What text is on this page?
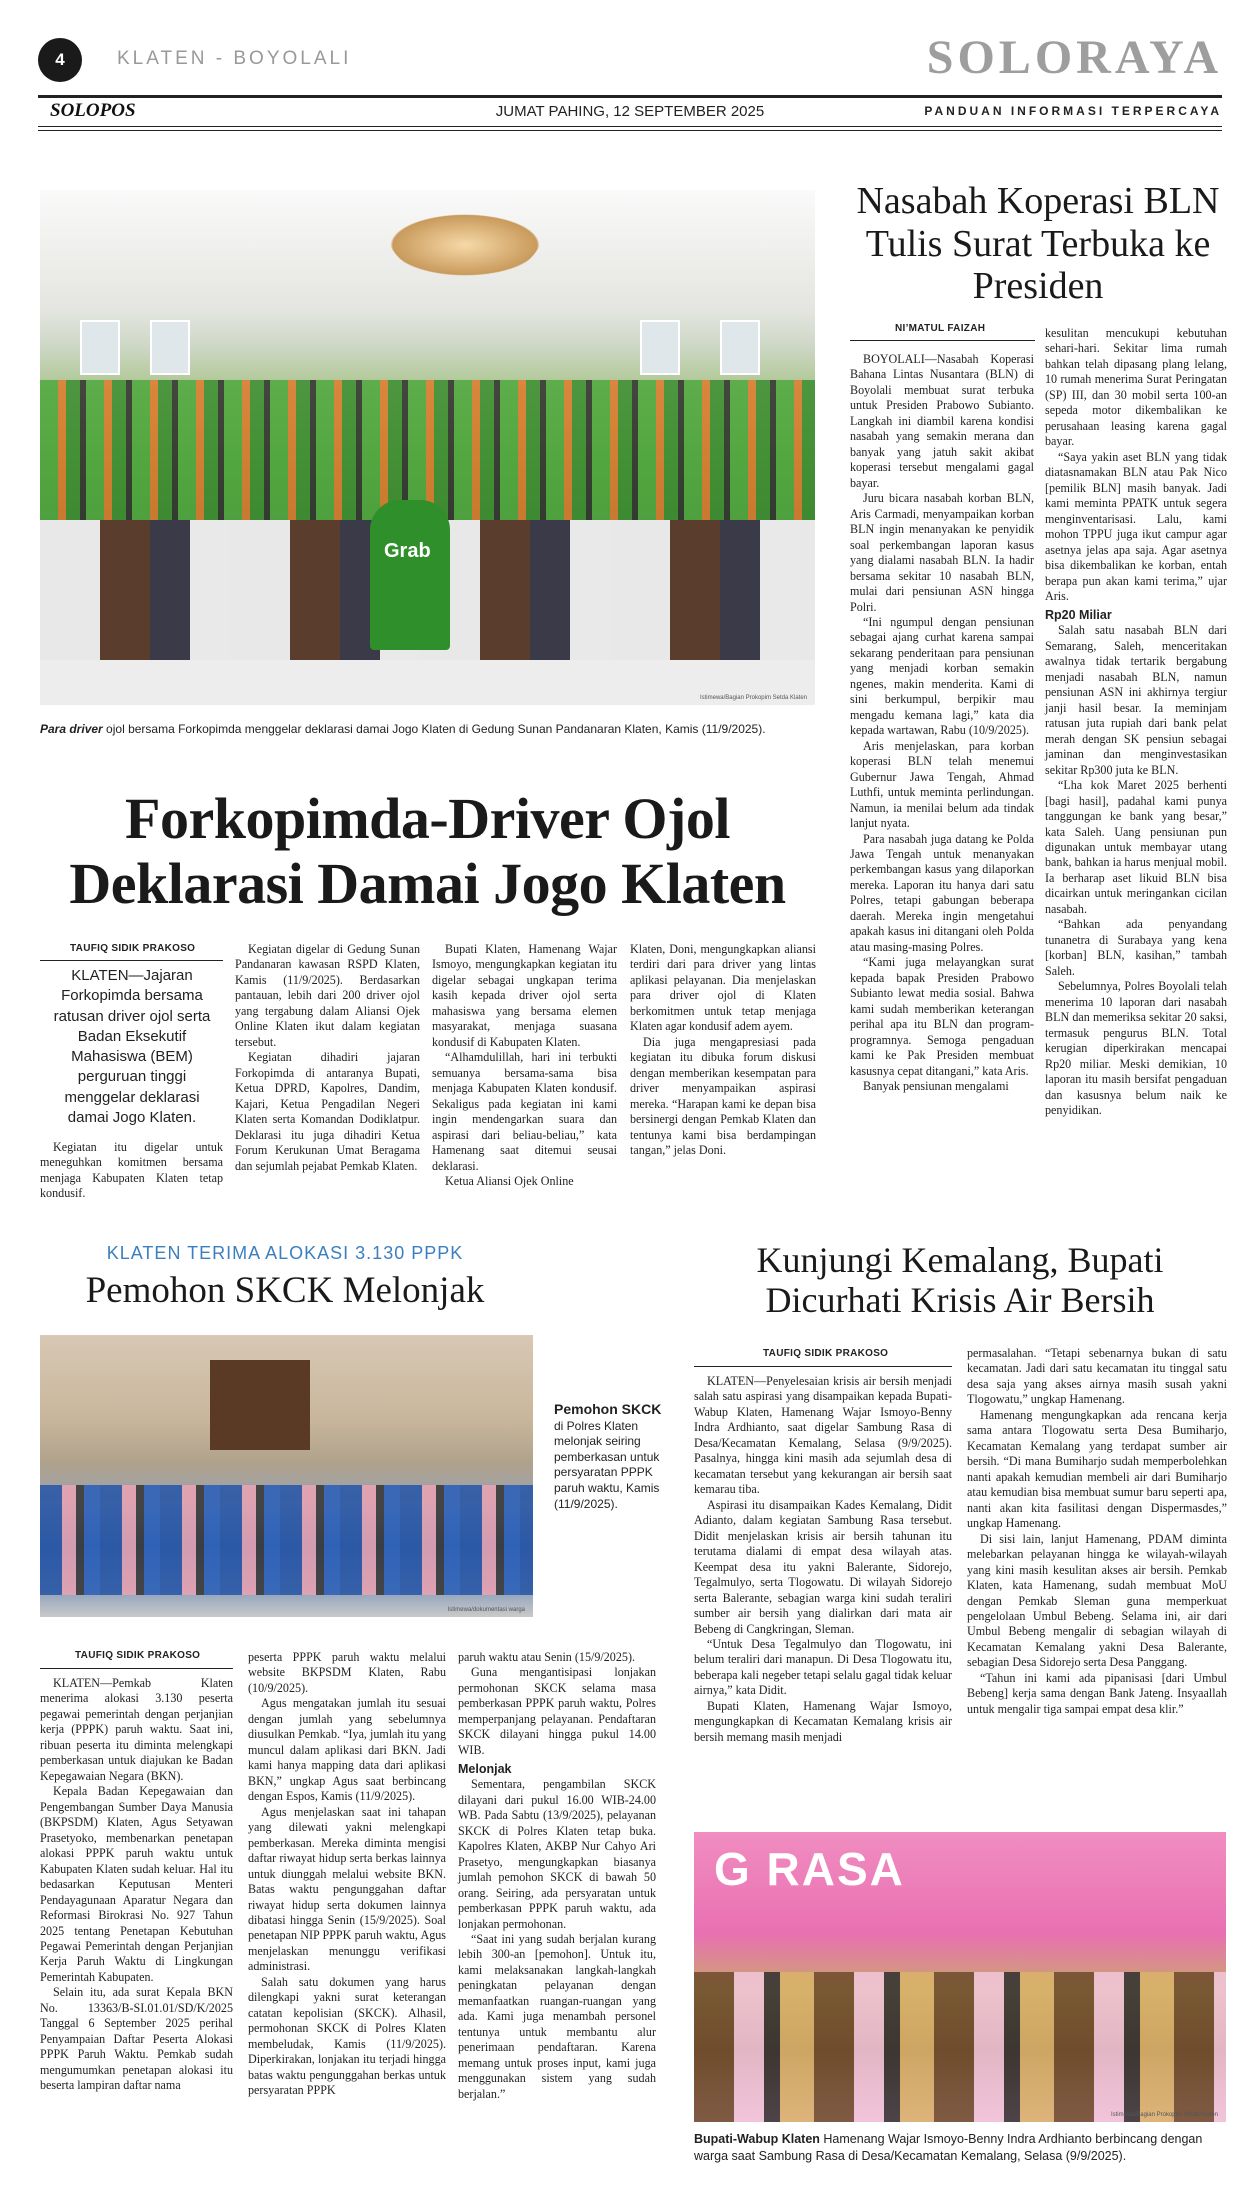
4	KLATEN - BOYOLALI	SOLORAYA
SOLOPOS	JUMAT PAHING, 12 SEPTEMBER 2025	PANDUAN INFORMASI TERPERCAYA
Grab
Istimewa/Bagian Prokopim Setda Klaten
Para driver ojol bersama Forkopimda menggelar deklarasi damai Jogo Klaten di Gedung Sunan Pandanaran Klaten, Kamis (11/9/2025).
Forkopimda-Driver Ojol Deklarasi Damai Jogo Klaten
TAUFIQ SIDIK PRAKOSO
KLATEN—Jajaran Forkopimda bersama ratusan driver ojol serta Badan Eksekutif Mahasiswa (BEM) perguruan tinggi menggelar deklarasi damai Jogo Klaten.

Kegiatan itu digelar untuk meneguhkan komitmen bersama menjaga Kabupaten Klaten tetap kondusif.

Kegiatan digelar di Gedung Sunan Pandanaran kawasan RSPD Klaten, Kamis (11/9/2025). Berdasarkan pantauan, lebih dari 200 driver ojol yang tergabung dalam Aliansi Ojek Online Klaten ikut dalam kegiatan tersebut.

Kegiatan dihadiri jajaran Forkopimda di antaranya Bupati, Ketua DPRD, Kapolres, Dandim, Kajari, Ketua Pengadilan Negeri Klaten serta Komandan Dodiklatpur. Deklarasi itu juga dihadiri Ketua Forum Kerukunan Umat Beragama dan sejumlah pejabat Pemkab Klaten.

Bupati Klaten, Hamenang Wajar Ismoyo, mengungkapkan kegiatan itu digelar sebagai ungkapan terima kasih kepada driver ojol serta mahasiswa yang bersama elemen masyarakat, menjaga suasana kondusif di Kabupaten Klaten.

“Alhamdulillah, hari ini terbukti semuanya bersama-sama bisa menjaga Kabupaten Klaten kondusif. Sekaligus pada kegiatan ini kami ingin mendengarkan suara dan aspirasi dari beliau-beliau,” kata Hamenang saat ditemui seusai deklarasi.

Ketua Aliansi Ojek Online

Klaten, Doni, mengungkapkan aliansi terdiri dari para driver yang lintas aplikasi pelayanan. Dia menjelaskan para driver ojol di Klaten berkomitmen untuk tetap menjaga Klaten agar kondusif adem ayem.

Dia juga mengapresiasi pada kegiatan itu dibuka forum diskusi dengan memberikan kesempatan para driver menyampaikan aspirasi mereka. “Harapan kami ke depan bisa bersinergi dengan Pemkab Klaten dan tentunya kami bisa berdampingan tangan,” jelas Doni.

Nasabah Koperasi BLN Tulis Surat Terbuka ke Presiden
NI’MATUL FAIZAH

BOYOLALI—Nasabah Koperasi Bahana Lintas Nusantara (BLN) di Boyolali membuat surat terbuka untuk Presiden Prabowo Subianto. Langkah ini diambil karena kondisi nasabah yang semakin merana dan banyak yang jatuh sakit akibat koperasi tersebut mengalami gagal bayar.

Juru bicara nasabah korban BLN, Aris Carmadi, menyampaikan korban BLN ingin menanyakan ke penyidik soal perkembangan laporan kasus yang dialami nasabah BLN. Ia hadir bersama sekitar 10 nasabah BLN, mulai dari pensiunan ASN hingga Polri.

“Ini ngumpul dengan pensiunan sebagai ajang curhat karena sampai sekarang penderitaan para pensiunan yang menjadi korban semakin ngenes, makin menderita. Kami di sini berkumpul, berpikir mau mengadu kemana lagi,” kata dia kepada wartawan, Rabu (10/9/2025).

Aris menjelaskan, para korban koperasi BLN telah menemui Gubernur Jawa Tengah, Ahmad Luthfi, untuk meminta perlindungan. Namun, ia menilai belum ada tindak lanjut nyata.

Para nasabah juga datang ke Polda Jawa Tengah untuk menanyakan perkembangan kasus yang dilaporkan mereka. Laporan itu hanya dari satu Polres, tetapi gabungan beberapa daerah. Mereka ingin mengetahui apakah kasus ini ditangani oleh Polda atau masing-masing Polres.

“Kami juga melayangkan surat kepada bapak Presiden Prabowo Subianto lewat media sosial. Bahwa kami sudah memberikan keterangan perihal apa itu BLN dan program-programnya. Semoga pengaduan kami ke Pak Presiden membuat kasusnya cepat ditangani,” kata Aris.

Banyak pensiunan mengalami

kesulitan mencukupi kebutuhan sehari-hari. Sekitar lima rumah bahkan telah dipasang plang lelang, 10 rumah menerima Surat Peringatan (SP) III, dan 30 mobil serta 100-an sepeda motor dikembalikan ke perusahaan leasing karena gagal bayar.

“Saya yakin aset BLN yang tidak diatasnamakan BLN atau Pak Nico [pemilik BLN] masih banyak. Jadi kami meminta PPATK untuk segera menginventarisasi. Lalu, kami mohon TPPU juga ikut campur agar asetnya jelas apa saja. Agar asetnya bisa dikembalikan ke korban, entah berapa pun akan kami terima,” ujar Aris.

Rp20 Miliar

Salah satu nasabah BLN dari Semarang, Saleh, menceritakan awalnya tidak tertarik bergabung menjadi nasabah BLN, namun pensiunan ASN ini akhirnya tergiur janji hasil besar. Ia meminjam ratusan juta rupiah dari bank pelat merah dengan SK pensiun sebagai jaminan dan menginvestasikan sekitar Rp300 juta ke BLN.

“Lha kok Maret 2025 berhenti [bagi hasil], padahal kami punya tanggungan ke bank yang besar,” kata Saleh. Uang pensiunan pun digunakan untuk membayar utang bank, bahkan ia harus menjual mobil. Ia berharap aset likuid BLN bisa dicairkan untuk meringankan cicilan nasabah.

“Bahkan ada penyandang tunanetra di Surabaya yang kena [korban] BLN, kasihan,” tambah Saleh.

Sebelumnya, Polres Boyolali telah menerima 10 laporan dari nasabah BLN dan memeriksa sekitar 20 saksi, termasuk pengurus BLN. Total kerugian diperkirakan mencapai Rp20 miliar. Meski demikian, 10 laporan itu masih bersifat pengaduan dan kasusnya belum naik ke penyidikan.

KLATEN TERIMA ALOKASI 3.130 PPPK
Pemohon SKCK Melonjak
Istimewa/dokumentasi warga
Pemohon SKCK di Polres Klaten melonjak seiring pemberkasan untuk persyaratan PPPK paruh waktu, Kamis (11/9/2025).
TAUFIQ SIDIK PRAKOSO

KLATEN—Pemkab Klaten menerima alokasi 3.130 peserta pegawai pemerintah dengan perjanjian kerja (PPPK) paruh waktu. Saat ini, ribuan peserta itu diminta melengkapi pemberkasan untuk diajukan ke Badan Kepegawaian Negara (BKN).

Kepala Badan Kepegawaian dan Pengembangan Sumber Daya Manusia (BKPSDM) Klaten, Agus Setyawan Prasetyoko, membenarkan penetapan alokasi PPPK paruh waktu untuk Kabupaten Klaten sudah keluar. Hal itu bedasarkan Keputusan Menteri Pendayagunaan Aparatur Negara dan Reformasi Birokrasi No. 927 Tahun 2025 tentang Penetapan Kebutuhan Pegawai Pemerintah dengan Perjanjian Kerja Paruh Waktu di Lingkungan Pemerintah Kabupaten.

Selain itu, ada surat Kepala BKN No. 13363/B-SI.01.01/SD/K/2025 Tanggal 6 September 2025 perihal Penyampaian Daftar Peserta Alokasi PPPK Paruh Waktu. Pemkab sudah mengumumkan penetapan alokasi itu beserta lampiran daftar nama

peserta PPPK paruh waktu melalui website BKPSDM Klaten, Rabu (10/9/2025).

Agus mengatakan jumlah itu sesuai dengan jumlah yang sebelumnya diusulkan Pemkab. “Iya, jumlah itu yang muncul dalam aplikasi dari BKN. Jadi kami hanya mapping data dari aplikasi BKN,” ungkap Agus saat berbincang dengan Espos, Kamis (11/9/2025).

Agus menjelaskan saat ini tahapan yang dilewati yakni melengkapi pemberkasan. Mereka diminta mengisi daftar riwayat hidup serta berkas lainnya untuk diunggah melalui website BKN. Batas waktu pengunggahan daftar riwayat hidup serta dokumen lainnya dibatasi hingga Senin (15/9/2025). Soal penetapan NIP PPPK paruh waktu, Agus menjelaskan menunggu verifikasi administrasi.

Salah satu dokumen yang harus dilengkapi yakni surat keterangan catatan kepolisian (SKCK). Alhasil, permohonan SKCK di Polres Klaten membeludak, Kamis (11/9/2025). Diperkirakan, lonjakan itu terjadi hingga batas waktu pengunggahan berkas untuk persyaratan PPPK

paruh waktu atau Senin (15/9/2025).

Guna mengantisipasi lonjakan permohonan SKCK selama masa pemberkasan PPPK paruh waktu, Polres memperpanjang pelayanan. Pendaftaran SKCK dilayani hingga pukul 14.00 WIB.

Melonjak

Sementara, pengambilan SKCK dilayani dari pukul 16.00 WIB-24.00 WB. Pada Sabtu (13/9/2025), pelayanan SKCK di Polres Klaten tetap buka. Kapolres Klaten, AKBP Nur Cahyo Ari Prasetyo, mengungkapkan biasanya jumlah pemohon SKCK di bawah 50 orang. Seiring, ada persyaratan untuk pemberkasan PPPK paruh waktu, ada lonjakan permohonan.

“Saat ini yang sudah berjalan kurang lebih 300-an [pemohon]. Untuk itu, kami melaksanakan langkah-langkah peningkatan pelayanan dengan memanfaatkan ruangan-ruangan yang ada. Kami juga menambah personel tentunya untuk membantu alur penerimaan pendaftaran. Karena memang untuk proses input, kami juga menggunakan sistem yang sudah berjalan.”

Kunjungi Kemalang, Bupati Dicurhati Krisis Air Bersih
TAUFIQ SIDIK PRAKOSO

KLATEN—Penyelesaian krisis air bersih menjadi salah satu aspirasi yang disampaikan kepada Bupati-Wabup Klaten, Hamenang Wajar Ismoyo-Benny Indra Ardhianto, saat digelar Sambung Rasa di Desa/Kecamatan Kemalang, Selasa (9/9/2025). Pasalnya, hingga kini masih ada sejumlah desa di kecamatan tersebut yang kekurangan air bersih saat kemarau tiba.

Aspirasi itu disampaikan Kades Kemalang, Didit Adianto, dalam kegiatan Sambung Rasa tersebut. Didit menjelaskan krisis air bersih tahunan itu terutama dialami di empat desa wilayah atas. Keempat desa itu yakni Balerante, Sidorejo, Tegalmulyo, serta Tlogowatu. Di wilayah Sidorejo serta Balerante, sebagian warga kini sudah teraliri sumber air bersih yang dialirkan dari mata air Bebeng di Cangkringan, Sleman.

“Untuk Desa Tegalmulyo dan Tlogowatu, ini belum teraliri dari manapun. Di Desa Tlogowatu itu, beberapa kali negeber tetapi selalu gagal tidak keluar airnya,” kata Didit.

Bupati Klaten, Hamenang Wajar Ismoyo, mengungkapkan di Kecamatan Kemalang krisis air bersih memang masih menjadi

permasalahan. “Tetapi sebenarnya bukan di satu kecamatan. Jadi dari satu kecamatan itu tinggal satu desa saja yang akses airnya masih susah yakni Tlogowatu,” ungkap Hamenang.

Hamenang mengungkapkan ada rencana kerja sama antara Tlogowatu serta Desa Bumiharjo, Kecamatan Kemalang yang terdapat sumber air bersih. “Di mana Bumiharjo sudah memperbolehkan nanti apakah kemudian membeli air dari Bumiharjo atau kemudian bisa membuat sumur baru seperti apa, nanti akan kita fasilitasi dengan Dispermasdes,” ungkap Hamenang.

Di sisi lain, lanjut Hamenang, PDAM diminta melebarkan pelayanan hingga ke wilayah-wilayah yang kini masih kesulitan akses air bersih. Pemkab Klaten, kata Hamenang, sudah membuat MoU dengan Pemkab Sleman guna memperkuat pengelolaan Umbul Bebeng. Selama ini, air dari Umbul Bebeng mengalir di sebagian wilayah di Kecamatan Kemalang yakni Desa Balerante, sebagian Desa Sidorejo serta Desa Panggang.

“Tahun ini kami ada pipanisasi [dari Umbul Bebeng] kerja sama dengan Bank Jateng. Insyaallah untuk mengalir tiga sampai empat desa klir.”

G RASA
Istimewa/Bagian Prokopim Setda Klaten
Bupati-Wabup Klaten Hamenang Wajar Ismoyo-Benny Indra Ardhianto berbincang dengan warga saat Sambung Rasa di Desa/Kecamatan Kemalang, Selasa (9/9/2025).
